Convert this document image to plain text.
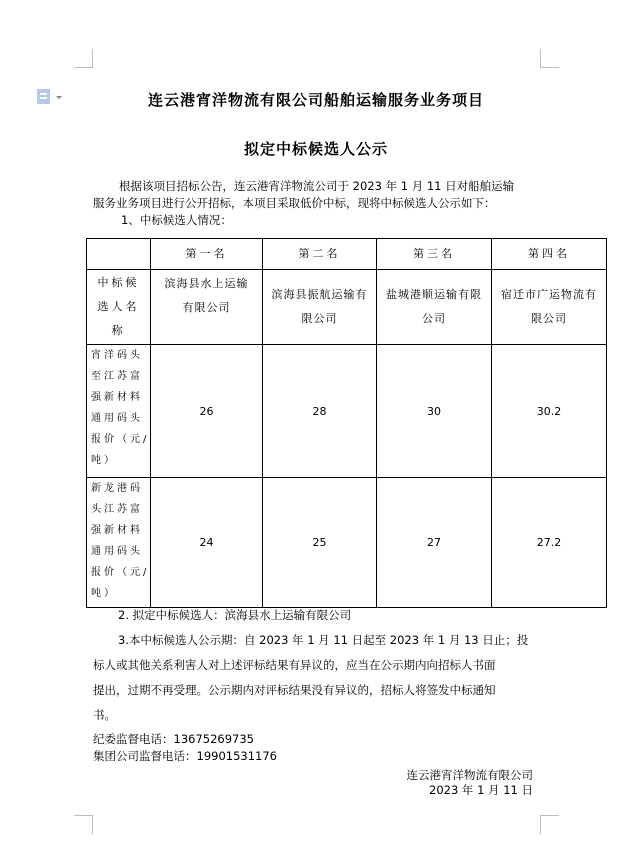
连云港宵洋物流有限公司船舶运输服务业务项目
拟定中标候选人公示
根据该项目招标公告，连云港宵洋物流公司于 2023 年 1 月 11 日对船舶运输
服务业务项目进行公开招标，本项目采取低价中标，现将中标候选人公示如下：
1、中标候选人情况：
	第一名	第二名	第三名	第四名
中标候选人名称	滨海县水上运输有限公司	滨海县振航运输有限公司	盐城港顺运输有限公司	宿迁市广运物流有限公司
宵洋码头至江苏富强新材料通用码头报价（元/吨）	26	28	30	30.2
新龙港码头江苏富强新材料通用码头报价（元/吨）	24	25	27	27.2
2. 拟定中标候选人：滨海县水上运输有限公司
3.本中标候选人公示期：自 2023 年 1 月 11 日起至 2023 年 1 月 13 日止；投
标人或其他关系利害人对上述评标结果有异议的，应当在公示期内向招标人书面
提出，过期不再受理。公示期内对评标结果没有异议的，招标人将签发中标通知
书。
纪委监督电话：13675269735
集团公司监督电话：19901531176
连云港宵洋物流有限公司
2023 年 1 月 11 日
